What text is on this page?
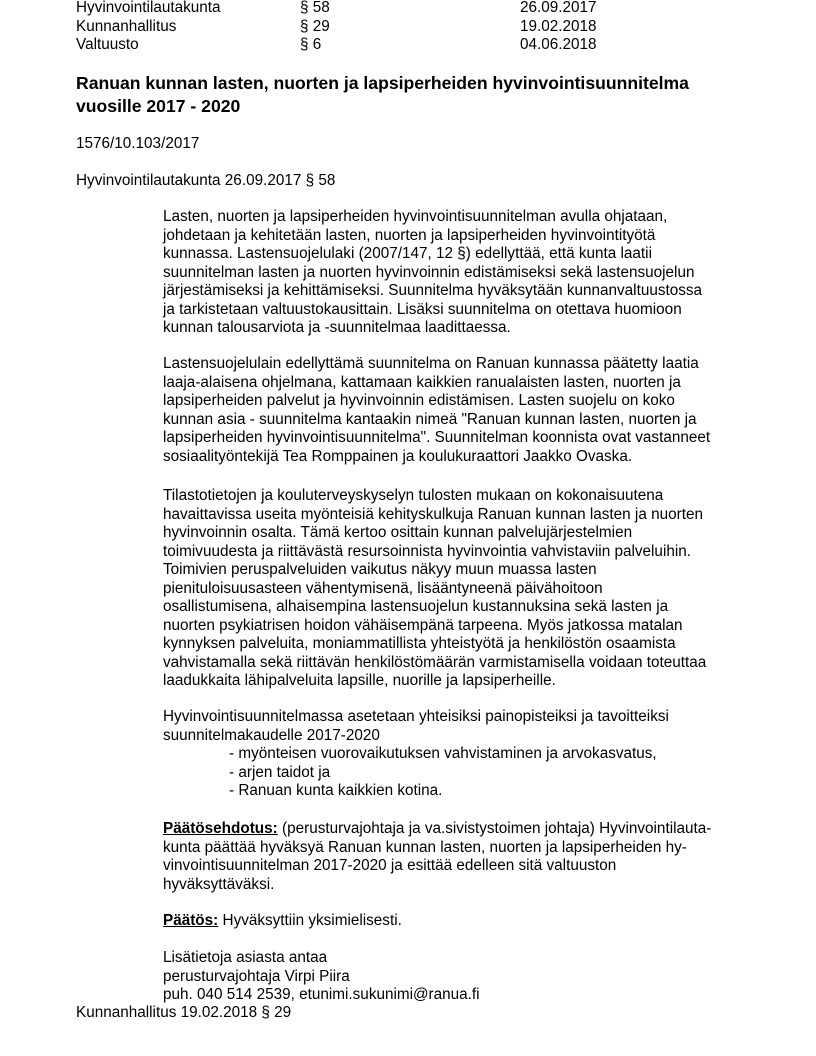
Hyvinvointilautakunta	§ 58	26.09.2017
Kunnanhallitus	§ 29	19.02.2018
Valtuusto	§ 6	04.06.2018
Ranuan kunnan lasten, nuorten ja lapsiperheiden hyvinvointisuunnitelma
vuosille 2017 - 2020
1576/10.103/2017
Hyvinvointilautakunta 26.09.2017 § 58
Lasten, nuorten ja lapsiperheiden hyvinvointisuunnitelman avulla ohjataan,
johdetaan ja kehitetään lasten, nuorten ja lapsiperheiden hyvinvointityötä
kunnassa. Lastensuojelulaki (2007/147, 12 §) edellyttää, että kunta laatii
suunnitelman lasten ja nuorten hyvinvoinnin edistämiseksi sekä lastensuojelun
järjestämiseksi ja kehittämiseksi. Suunnitelma hyväksytään kunnanvaltuustossa
ja tarkistetaan valtuustokausittain. Lisäksi suunnitelma on otettava huomioon
kunnan talousarviota ja -suunnitelmaa laadittaessa.
Lastensuojelulain edellyttämä suunnitelma on Ranuan kunnassa päätetty laatia
laaja-alaisena ohjelmana, kattamaan kaikkien ranualaisten lasten, nuorten ja
lapsiperheiden palvelut ja hyvinvoinnin edistämisen. Lasten suojelu on koko
kunnan asia - suunnitelma kantaakin nimeä "Ranuan kunnan lasten, nuorten ja
lapsiperheiden hyvinvointisuunnitelma". Suunnitelman koonnista ovat vastanneet
sosiaalityöntekijä Tea Romppainen ja koulukuraattori Jaakko Ovaska.
Tilastotietojen ja kouluterveyskyselyn tulosten mukaan on kokonaisuutena
havaittavissa useita myönteisiä kehityskulkuja Ranuan kunnan lasten ja nuorten
hyvinvoinnin osalta. Tämä kertoo osittain kunnan palvelujärjestelmien
toimivuudesta ja riittävästä resursoinnista hyvinvointia vahvistaviin palveluihin.
Toimivien peruspalveluiden vaikutus näkyy muun muassa lasten
pienituloisuusasteen vähentymisenä, lisääntyneenä päivähoitoon
osallistumisena, alhaisempina lastensuojelun kustannuksina sekä lasten ja
nuorten psykiatrisen hoidon vähäisempänä tarpeena. Myös jatkossa matalan
kynnyksen palveluita, moniammatillista yhteistyötä ja henkilöstön osaamista
vahvistamalla sekä riittävän henkilöstömäärän varmistamisella voidaan toteuttaa
laadukkaita lähipalveluita lapsille, nuorille ja lapsiperheille.
Hyvinvointisuunnitelmassa asetetaan yhteisiksi painopisteiksi ja tavoitteiksi
suunnitelmakaudelle 2017-2020
- myönteisen vuorovaikutuksen vahvistaminen ja arvokasvatus,
- arjen taidot ja
- Ranuan kunta kaikkien kotina.
Päätösehdotus: (perusturvajohtaja ja va.sivistystoimen johtaja) Hyvinvointilauta-
kunta päättää hyväksyä Ranuan kunnan lasten, nuorten ja lapsiperheiden hy-
vinvointisuunnitelman 2017-2020 ja esittää edelleen sitä valtuuston
hyväksyttäväksi.
Päätös: Hyväksyttiin yksimielisesti.
Lisätietoja asiasta antaa
perusturvajohtaja Virpi Piira
puh. 040 514 2539, etunimi.sukunimi@ranua.fi
Kunnanhallitus 19.02.2018 § 29
